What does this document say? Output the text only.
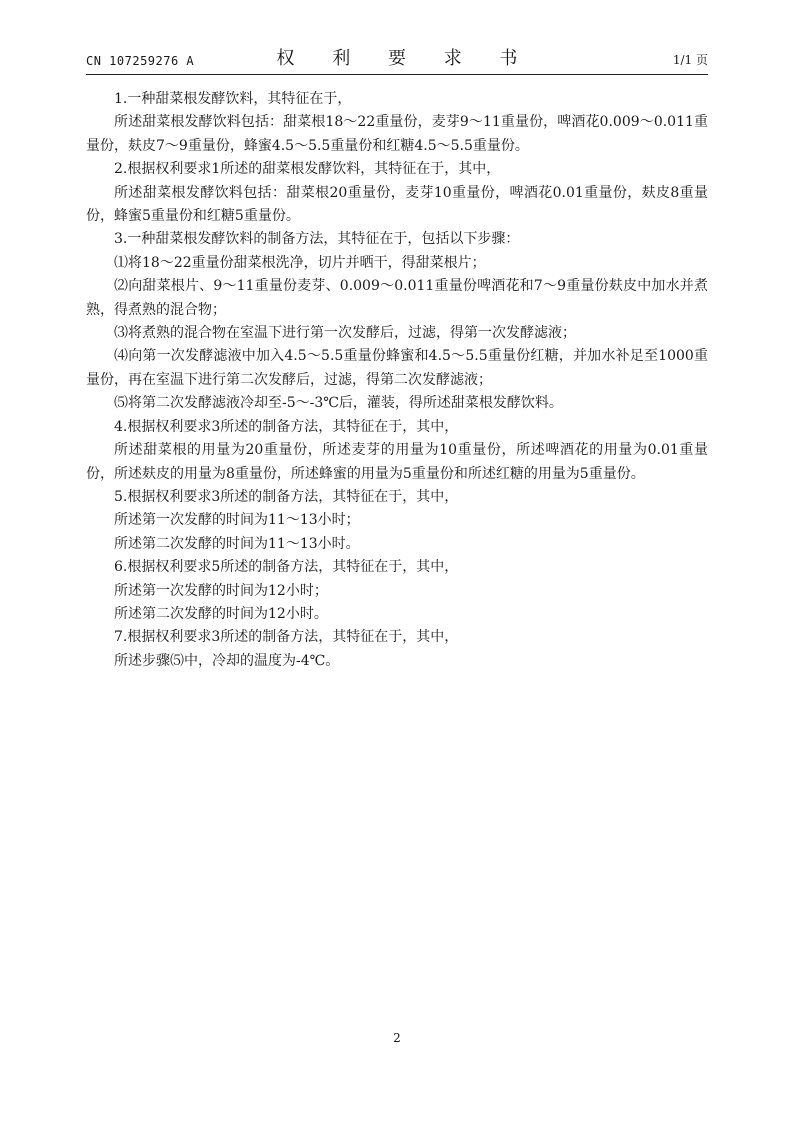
CN 107259276 A	权 利 要 求 书	1/1 页

1.一种甜菜根发酵饮料，其特征在于，

所述甜菜根发酵饮料包括：甜菜根18～22重量份，麦芽9～11重量份，啤酒花0.009～0.011重量份，麸皮7～9重量份，蜂蜜4.5～5.5重量份和红糖4.5～5.5重量份。

2.根据权利要求1所述的甜菜根发酵饮料，其特征在于，其中，

所述甜菜根发酵饮料包括：甜菜根20重量份，麦芽10重量份，啤酒花0.01重量份，麸皮8重量份，蜂蜜5重量份和红糖5重量份。

3.一种甜菜根发酵饮料的制备方法，其特征在于，包括以下步骤：

⑴将18～22重量份甜菜根洗净，切片并晒干，得甜菜根片；

⑵向甜菜根片、9～11重量份麦芽、0.009～0.011重量份啤酒花和7～9重量份麸皮中加水并煮熟，得煮熟的混合物；

⑶将煮熟的混合物在室温下进行第一次发酵后，过滤，得第一次发酵滤液；

⑷向第一次发酵滤液中加入4.5～5.5重量份蜂蜜和4.5～5.5重量份红糖，并加水补足至1000重量份，再在室温下进行第二次发酵后，过滤，得第二次发酵滤液；

⑸将第二次发酵滤液冷却至-5～-3℃后，灌装，得所述甜菜根发酵饮料。

4.根据权利要求3所述的制备方法，其特征在于，其中，

所述甜菜根的用量为20重量份，所述麦芽的用量为10重量份，所述啤酒花的用量为0.01重量份，所述麸皮的用量为8重量份，所述蜂蜜的用量为5重量份和所述红糖的用量为5重量份。

5.根据权利要求3所述的制备方法，其特征在于，其中，

所述第一次发酵的时间为11～13小时；

所述第二次发酵的时间为11～13小时。

6.根据权利要求5所述的制备方法，其特征在于，其中，

所述第一次发酵的时间为12小时；

所述第二次发酵的时间为12小时。

7.根据权利要求3所述的制备方法，其特征在于，其中，

所述步骤⑸中，冷却的温度为-4℃。

2
